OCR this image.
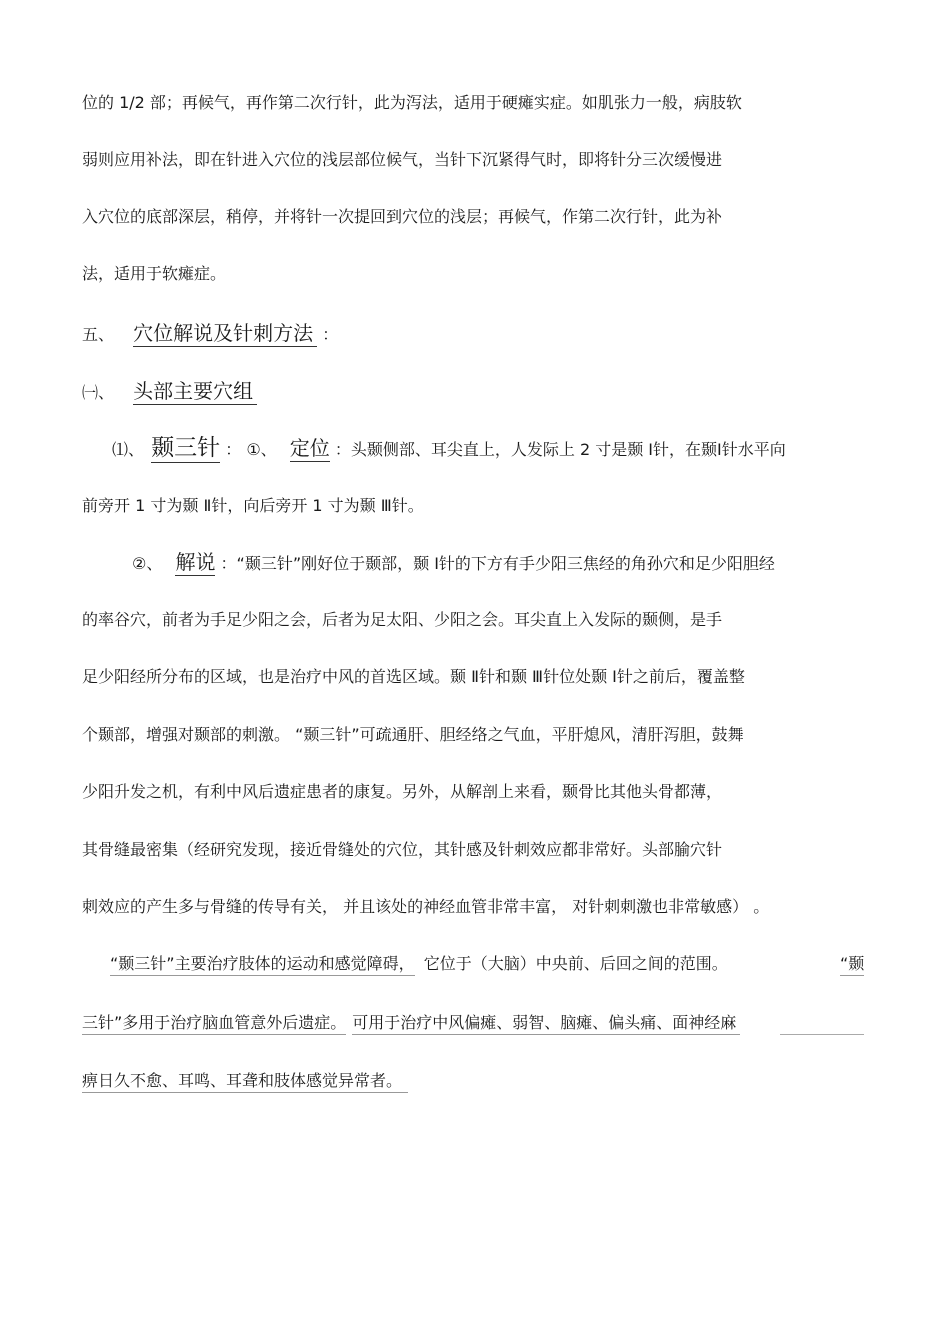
位的 1/2 部；再候气，再作第二次行针，此为泻法，适用于硬瘫实症。如肌张力一般，病肢软
弱则应用补法，即在针进入穴位的浅层部位候气，当针下沉紧得气时，即将针分三次缓慢进
入穴位的底部深层，稍停，并将针一次提回到穴位的浅层；再候气，作第二次行针，此为补
法，适用于软瘫症。
五、 穴位解说及针刺方法 ：
㈠、 头部主要穴组
⑴、 颞三针 ： ①、 定位 ：头颞侧部、耳尖直上，人发际上 2 寸是颞 Ⅰ针，在颞Ⅰ针水平向
前旁开 1 寸为颞 Ⅱ针，向后旁开 1 寸为颞 Ⅲ针。
②、 解说 ：“颞三针”刚好位于颞部，颞 Ⅰ针的下方有手少阳三焦经的角孙穴和足少阳胆经
的率谷穴，前者为手足少阳之会，后者为足太阳、少阳之会。耳尖直上入发际的颞侧，是手
足少阳经所分布的区域，也是治疗中风的首选区域。颞 Ⅱ针和颞 Ⅲ针位处颞 Ⅰ针之前后，覆盖整
个颞部，增强对颞部的刺激。 “颞三针”可疏通肝、胆经络之气血，平肝熄风，清肝泻胆，鼓舞
少阳升发之机，有利中风后遗症患者的康复。另外，从解剖上来看，颞骨比其他头骨都薄，
其骨缝最密集（经研究发现，接近骨缝处的穴位，其针感及针刺效应都非常好。头部腧穴针
刺效应的产生多与骨缝的传导有关， 并且该处的神经血管非常丰富， 对针刺刺激也非常敏感） 。
“颞三针”主要治疗肢体的运动和感觉障碍， 它位于（大脑）中央前、后回之间的范围。	“颞
三针”多用于治疗脑血管意外后遗症。 可用于治疗中风偏瘫、弱智、脑瘫、偏头痛、面神经麻
痹日久不愈、耳鸣、耳聋和肢体感觉异常者。
